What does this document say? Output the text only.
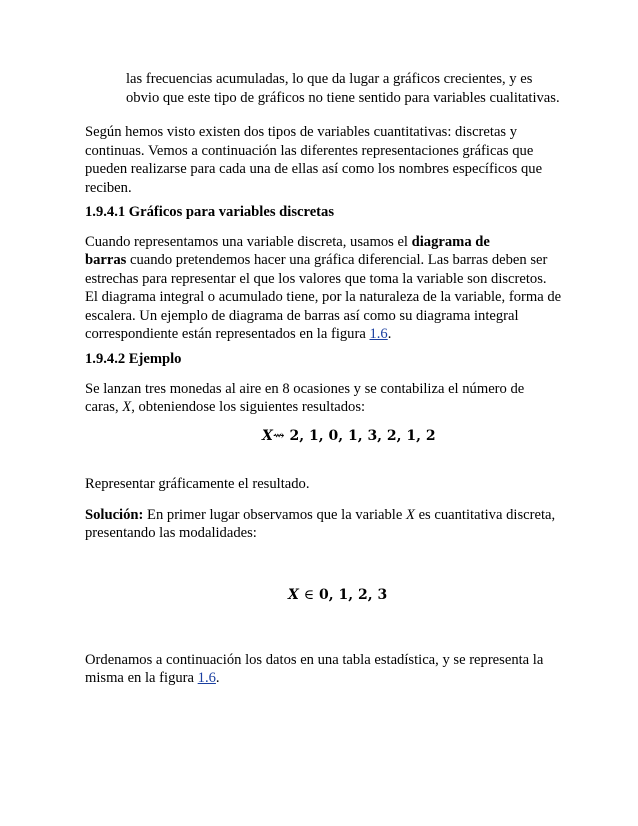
las frecuencias acumuladas, lo que da lugar a gráficos crecientes, y es

obvio que este tipo de gráficos no tiene sentido para variables cualitativas.

Según hemos visto existen dos tipos de variables cuantitativas: discretas y

continuas. Vemos a continuación las diferentes representaciones gráficas que

pueden realizarse para cada una de ellas así como los nombres específicos que

reciben.

1.9.4.1 Gráficos para variables discretas

Cuando representamos una variable discreta, usamos el diagrama de

barras cuando pretendemos hacer una gráfica diferencial. Las barras deben ser

estrechas para representar el que los valores que toma la variable son discretos.

El diagrama integral o acumulado tiene, por la naturaleza de la variable, forma de

escalera. Un ejemplo de diagrama de barras así como su diagrama integral

correspondiente están representados en la figura 1.6.

1.9.4.2 Ejemplo

Se lanzan tres monedas al aire en 8 ocasiones y se contabiliza el número de

caras, X, obteniendose los siguientes resultados:

X⇝ 2, 1, 0, 1, 3, 2, 1, 2

Representar gráficamente el resultado.

Solución: En primer lugar observamos que la variable X es cuantitativa discreta,

presentando las modalidades:

X ∈ 0, 1, 2, 3

Ordenamos a continuación los datos en una tabla estadística, y se representa la

misma en la figura 1.6.
